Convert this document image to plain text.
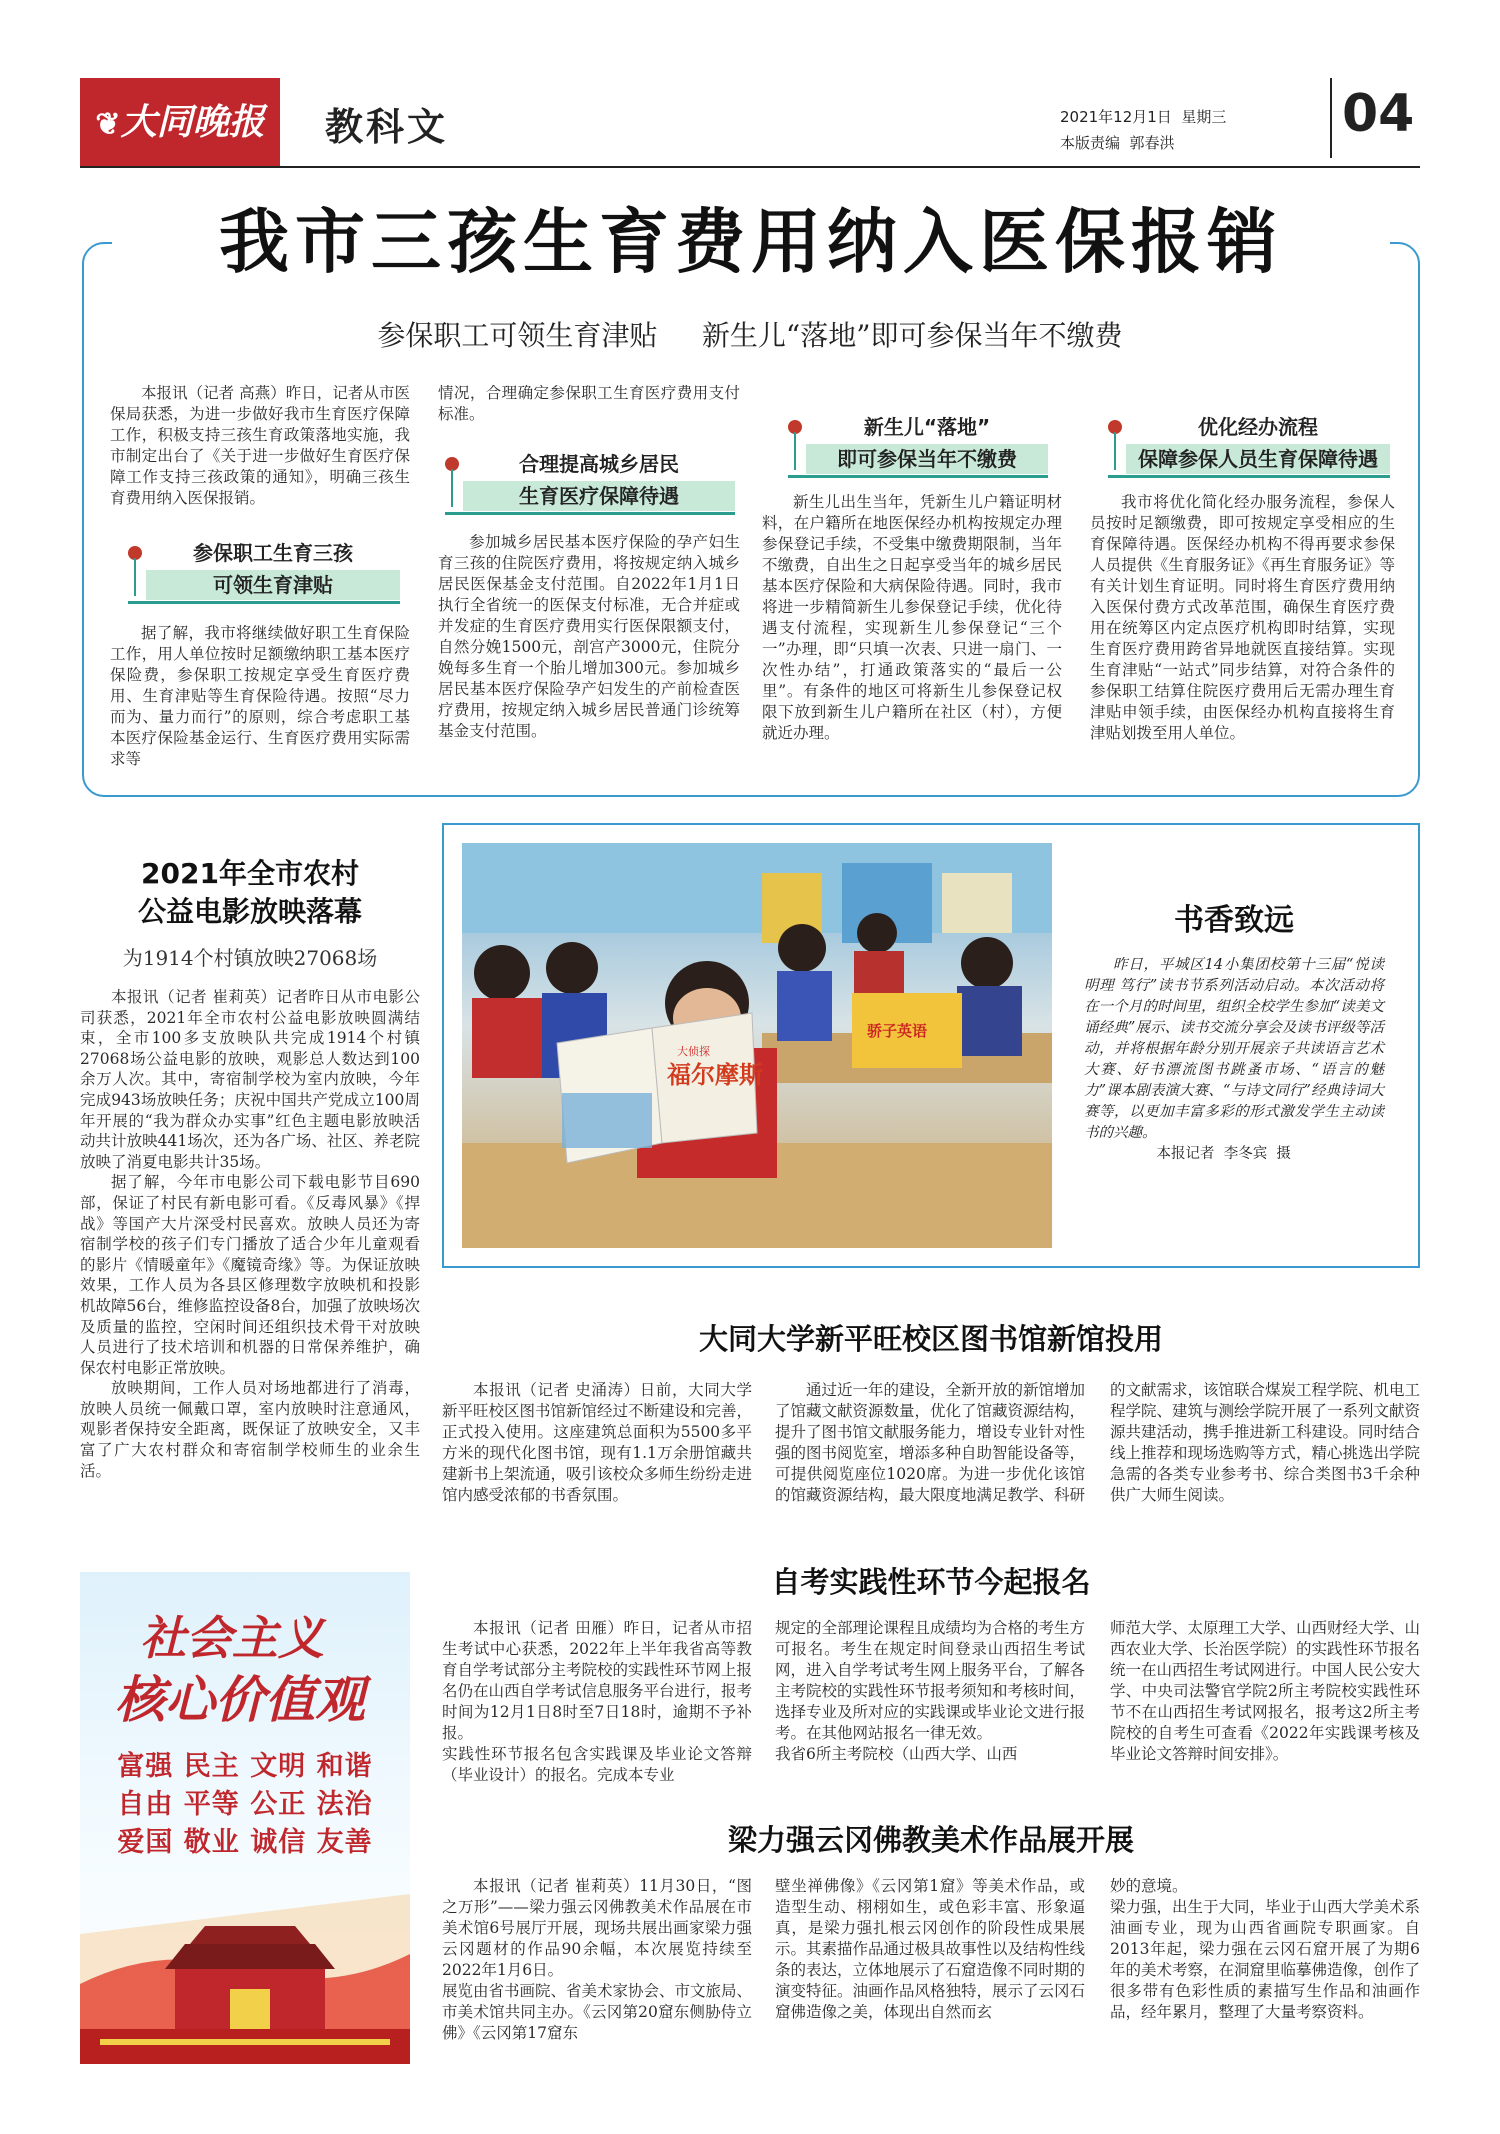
❦大同晚报	教科文	2021年12月1日  星期三
本版责编  郭春洪	04
我市三孩生育费用纳入医保报销
参保职工可领生育津贴     新生儿“落地”即可参保当年不缴费

本报讯（记者 高燕）昨日，记者从市医保局获悉，为进一步做好我市生育医疗保障工作，积极支持三孩生育政策落地实施，我市制定出台了《关于进一步做好生育医疗保障工作支持三孩政策的通知》，明确三孩生育费用纳入医保报销。

参保职工生育三孩
可领生育津贴

据了解，我市将继续做好职工生育保险工作，用人单位按时足额缴纳职工基本医疗保险费，参保职工按规定享受生育医疗费用、生育津贴等生育保险待遇。按照“尽力而为、量力而行”的原则，综合考虑职工基本医疗保险基金运行、生育医疗费用实际需求等

情况，合理确定参保职工生育医疗费用支付标准。

合理提高城乡居民
生育医疗保障待遇

参加城乡居民基本医疗保险的孕产妇生育三孩的住院医疗费用，将按规定纳入城乡居民医保基金支付范围。自2022年1月1日执行全省统一的医保支付标准，无合并症或并发症的生育医疗费用实行医保限额支付，自然分娩1500元，剖宫产3000元，住院分娩每多生育一个胎儿增加300元。参加城乡居民基本医疗保险孕产妇发生的产前检查医疗费用，按规定纳入城乡居民普通门诊统筹基金支付范围。

新生儿“落地”
即可参保当年不缴费

新生儿出生当年，凭新生儿户籍证明材料，在户籍所在地医保经办机构按规定办理参保登记手续，不受集中缴费期限制，当年不缴费，自出生之日起享受当年的城乡居民基本医疗保险和大病保险待遇。同时，我市将进一步精简新生儿参保登记手续，优化待遇支付流程，实现新生儿参保登记“三个一”办理，即“只填一次表、只进一扇门、一次性办结”，打通政策落实的“最后一公里”。有条件的地区可将新生儿参保登记权限下放到新生儿户籍所在社区（村），方便就近办理。

优化经办流程
保障参保人员生育保障待遇

我市将优化简化经办服务流程，参保人员按时足额缴费，即可按规定享受相应的生育保障待遇。医保经办机构不得再要求参保人员提供《生育服务证》《再生育服务证》等有关计划生育证明。同时将生育医疗费用纳入医保付费方式改革范围，确保生育医疗费用在统筹区内定点医疗机构即时结算，实现生育医疗费用跨省异地就医直接结算。实现生育津贴“一站式”同步结算，对符合条件的参保职工结算住院医疗费用后无需办理生育津贴申领手续，由医保经办机构直接将生育津贴划拨至用人单位。

2021年全市农村
公益电影放映落幕
为1914个村镇放映27068场

本报讯（记者 崔莉英）记者昨日从市电影公司获悉，2021年全市农村公益电影放映圆满结束，全市100多支放映队共完成1914个村镇27068场公益电影的放映，观影总人数达到100余万人次。其中，寄宿制学校为室内放映，今年完成943场放映任务；庆祝中国共产党成立100周年开展的“我为群众办实事”红色主题电影放映活动共计放映441场次，还为各广场、社区、养老院放映了消夏电影共计35场。

据了解，今年市电影公司下载电影节目690部，保证了村民有新电影可看。《反毒风暴》《捍战》等国产大片深受村民喜欢。放映人员还为寄宿制学校的孩子们专门播放了适合少年儿童观看的影片《情暖童年》《魔镜奇缘》等。为保证放映效果，工作人员为各县区修理数字放映机和投影机故障56台，维修监控设备8台，加强了放映场次及质量的监控，空闲时间还组织技术骨干对放映人员进行了技术培训和机器的日常保养维护，确保农村电影正常放映。

放映期间，工作人员对场地都进行了消毒，放映人员统一佩戴口罩，室内放映时注意通风，观影者保持安全距离，既保证了放映安全，又丰富了广大农村群众和寄宿制学校师生的业余生活。

大侦探
福尔摩斯
骄子英语
书香致远

昨日，平城区14小集团校第十三届“悦读 明理 笃行”读书节系列活动启动。本次活动将在一个月的时间里，组织全校学生参加“读美文 诵经典”展示、读书交流分享会及读书评级等活动，并将根据年龄分别开展亲子共读语言艺术大赛、好书漂流图书跳蚤市场、“语言的魅力”课本剧表演大赛、“与诗文同行”经典诗词大赛等，以更加丰富多彩的形式激发学生主动读书的兴趣。

本报记者  李冬宾  摄

大同大学新平旺校区图书馆新馆投用

本报讯（记者 史涌涛）日前，大同大学新平旺校区图书馆新馆经过不断建设和完善，正式投入使用。这座建筑总面积为5500多平方米的现代化图书馆，现有1.1万余册馆藏共建新书上架流通，吸引该校众多师生纷纷走进馆内感受浓郁的书香氛围。

通过近一年的建设，全新开放的新馆增加了馆藏文献资源数量，优化了馆藏资源结构，提升了图书馆文献服务能力，增设专业针对性强的图书阅览室，增添多种自助智能设备等，可提供阅览座位1020席。为进一步优化该馆的馆藏资源结构，最大限度地满足教学、科研

的文献需求，该馆联合煤炭工程学院、机电工程学院、建筑与测绘学院开展了一系列文献资源共建活动，携手推进新工科建设。同时结合线上推荐和现场选购等方式，精心挑选出学院急需的各类专业参考书、综合类图书3千余种供广大师生阅读。

社会主义
核心价值观
富强 民主 文明 和谐
自由 平等 公正 法治
爱国 敬业 诚信 友善
自考实践性环节今起报名

本报讯（记者 田雁）昨日，记者从市招生考试中心获悉，2022年上半年我省高等教育自学考试部分主考院校的实践性环节网上报名仍在山西自学考试信息服务平台进行，报考时间为12月1日8时至7日18时，逾期不予补报。
实践性环节报名包含实践课及毕业论文答辩（毕业设计）的报名。完成本专业

规定的全部理论课程且成绩均为合格的考生方可报名。考生在规定时间登录山西招生考试网，进入自学考试考生网上服务平台，了解各主考院校的实践性环节报考须知和考核时间，选择专业及所对应的实践课或毕业论文进行报考。在其他网站报名一律无效。
我省6所主考院校（山西大学、山西

师范大学、太原理工大学、山西财经大学、山西农业大学、长治医学院）的实践性环节报名统一在山西招生考试网进行。中国人民公安大学、中央司法警官学院2所主考院校实践性环节不在山西招生考试网报名，报考这2所主考院校的自考生可查看《2022年实践课考核及毕业论文答辩时间安排》。

梁力强云冈佛教美术作品展开展

本报讯（记者 崔莉英）11月30日，“图之万形”——梁力强云冈佛教美术作品展在市美术馆6号展厅开展，现场共展出画家梁力强云冈题材的作品90余幅，本次展览持续至2022年1月6日。
展览由省书画院、省美术家协会、市文旅局、市美术馆共同主办。《云冈第20窟东侧胁侍立佛》《云冈第17窟东

壁坐禅佛像》《云冈第1窟》等美术作品，或造型生动、栩栩如生，或色彩丰富、形象逼真，是梁力强扎根云冈创作的阶段性成果展示。其素描作品通过极具故事性以及结构性线条的表达，立体地展示了石窟造像不同时期的演变特征。油画作品风格独特，展示了云冈石窟佛造像之美，体现出自然而玄

妙的意境。
梁力强，出生于大同，毕业于山西大学美术系油画专业，现为山西省画院专职画家。自2013年起，梁力强在云冈石窟开展了为期6年的美术考察，在洞窟里临摹佛造像，创作了很多带有色彩性质的素描写生作品和油画作品，经年累月，整理了大量考察资料。
